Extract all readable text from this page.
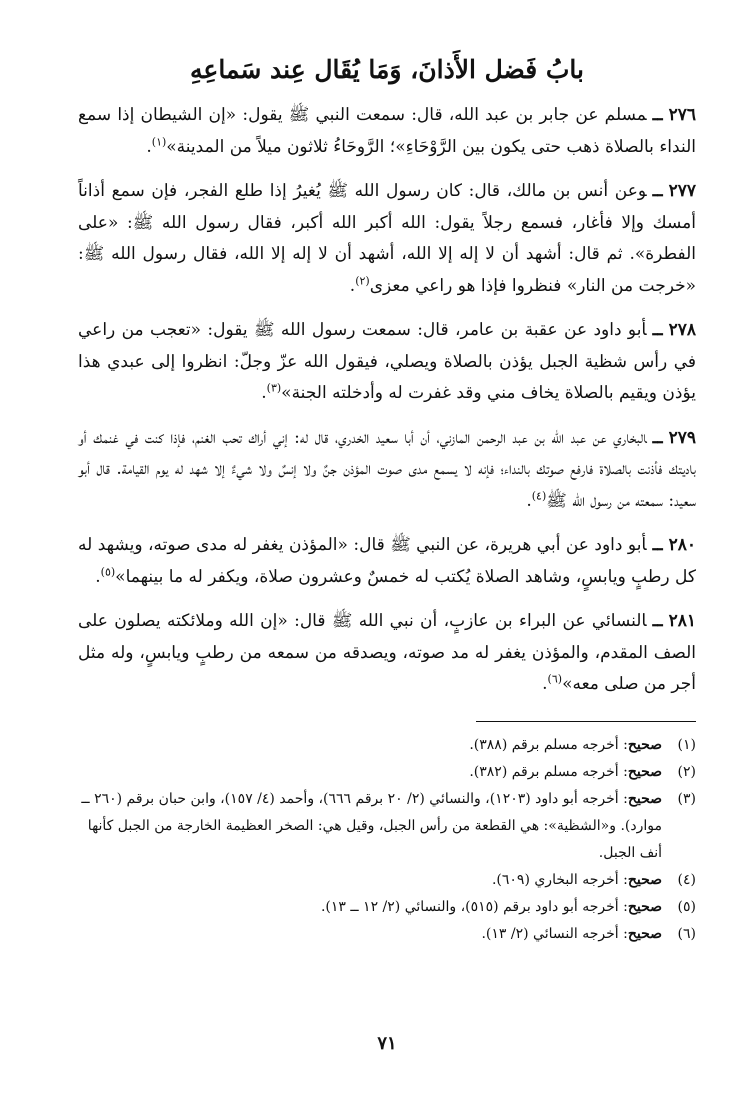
بابُ فَضل الأَذانَ، وَمَا يُقَال عِند سَماعِهِ
٢٧٦ــمسلم عن جابر بن عبد الله، قال: سمعت النبي ﷺ يقول: «إن الشيطان إذا سمع النداء بالصلاة ذهب حتى يكون بين الرَّوْحَاءِ»؛ الرَّوحَاءُ ثلاثون ميلاً من المدينة»$^{(١)}$.
٢٧٧ــوعن أنس بن مالك، قال: كان رسول الله ﷺ يُغيرُ إذا طلع الفجر، فإن سمع أذاناً أمسك وإلا فأغار، فسمع رجلاً يقول: الله أكبر الله أكبر، فقال رسول الله ﷺ: «على الفطرة». ثم قال: أشهد أن لا إله إلا الله، أشهد أن لا إله إلا الله، فقال رسول الله ﷺ: «خرجت من النار» فنظروا فإذا هو راعي معزى$^{(٢)}$.
٢٧٨ــأبو داود عن عقبة بن عامر، قال: سمعت رسول الله ﷺ يقول: «تعجب من راعي في رأس شظية الجبل يؤذن بالصلاة ويصلي، فيقول الله عزّ وجلّ: انظروا إلى عبدي هذا يؤذن ويقيم بالصلاة يخاف مني وقد غفرت له وأدخلته الجنة»$^{(٣)}$.
٢٧٩ــالبخاري عن عبد الله بن عبد الرحمن المازني، أن أبا سعيد الخدري، قال له: إني أراك تحب الغنم، فإذا كنت في غنمك أو باديتك فأذنت بالصلاة فارفع صوتك بالنداء؛ فإنه لا يسمع مدى صوت المؤذن جنٌ ولا إنسٌ ولا شيءٌ إلا شهد له يوم القيامة. قال أبو سعيد: سمعته من رسول الله ﷺ$^{(٤)}$.
٢٨٠ــأبو داود عن أبي هريرة، عن النبي ﷺ قال: «المؤذن يغفر له مدى صوته، ويشهد له كل رطبٍ ويابسٍ، وشاهد الصلاة يُكتب له خمسٌ وعشرون صلاة، ويكفر له ما بينهما»$^{(٥)}$.
٢٨١ــالنسائي عن البراء بن عازبٍ، أن نبي الله ﷺ قال: «إن الله وملائكته يصلون على الصف المقدم، والمؤذن يغفر له مد صوته، ويصدقه من سمعه من رطبٍ ويابسٍ، وله مثل أجر من صلى معه»$^{(٦)}$.
(١)
صحيح: أخرجه مسلم برقم (٣٨٨).
(٢)
صحيح: أخرجه مسلم برقم (٣٨٢).
(٣)
صحيح: أخرجه أبو داود (١٢٠٣)، والنسائي (٢/ ٢٠ برقم ٦٦٦)، وأحمد (٤/ ١٥٧)، وابن حبان برقم (٢٦٠ ــ موارد). و«الشظية»: هي القطعة من رأس الجبل، وقيل هي: الصخر العظيمة الخارجة من الجبل كأنها أنف الجبل.
(٤)
صحيح: أخرجه البخاري (٦٠٩).
(٥)
صحيح: أخرجه أبو داود برقم (٥١٥)، والنسائي (٢/ ١٢ ــ ١٣).
(٦)
صحيح: أخرجه النسائي (٢/ ١٣).
٧١
